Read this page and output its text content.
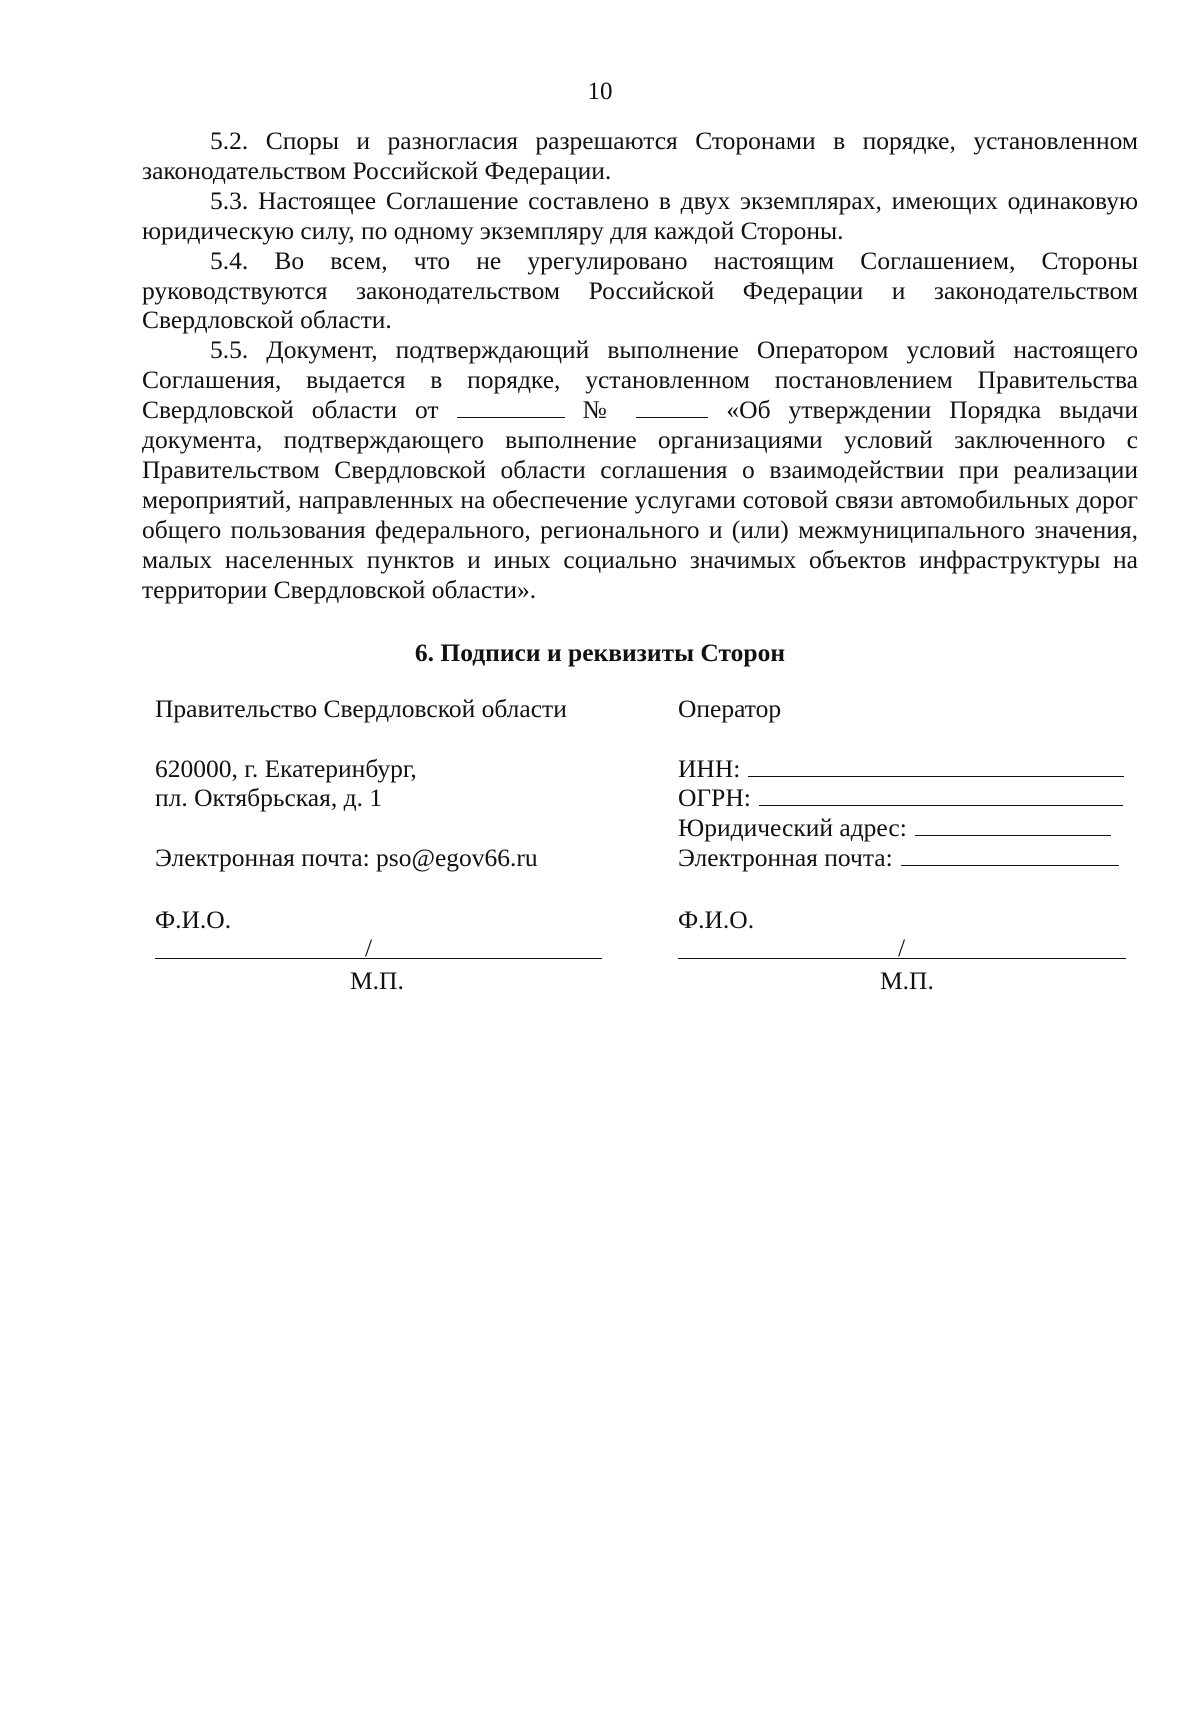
10

5.2. Споры и разногласия разрешаются Сторонами в порядке, установленном законодательством Российской Федерации.

5.3. Настоящее Соглашение составлено в двух экземплярах, имеющих одинаковую юридическую силу, по одному экземпляру для каждой Стороны.

5.4. Во всем, что не урегулировано настоящим Соглашением, Стороны руководствуются законодательством Российской Федерации и законодательством Свердловской области.

5.5. Документ, подтверждающий выполнение Оператором условий настоящего Соглашения, выдается в порядке, установленном постановлением Правительства Свердловской области от	№	«Об утверждении Порядка выдачи документа, подтверждающего выполнение организациями условий заключенного с Правительством Свердловской области соглашения о взаимодействии при реализации мероприятий, направленных на обеспечение услугами сотовой связи автомобильных дорог общего пользования федерального, регионального и (или) межмуниципального значения, малых населенных пунктов и иных социально значимых объектов инфраструктуры на территории Свердловской области».

6. Подписи и реквизиты Сторон
Правительство Свердловской области
620000, г. Екатеринбург,
пл. Октябрьская, д. 1
Электронная почта: pso@egov66.ru
Ф.И.О.
/
М.П.
Оператор
ИНН:
ОГРН:
Юридический адрес:
Электронная почта:
Ф.И.О.
/
М.П.
